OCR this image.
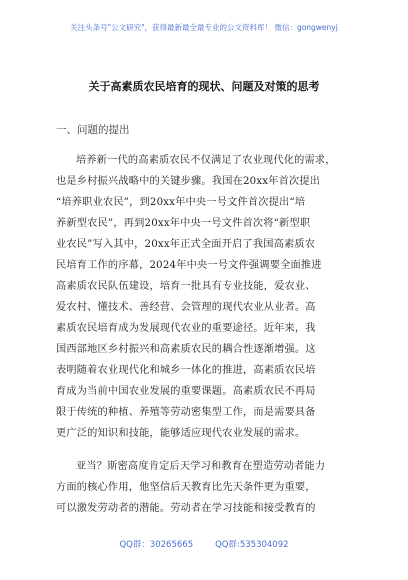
关注头条号"公文研究"，获得最新最全最专业的公文资料库！ 微信：gongwenyj
关于高素质农民培育的现状、问题及对策的思考
一、问题的提出
培养新一代的高素质农民不仅满足了农业现代化的需求，
也是乡村振兴战略中的关键步骤。我国在20xx年首次提出
“培养职业农民”，到20xx年中央一号文件首次提出“培
养新型农民”，再到20xx年中央一号文件首次将“新型职
业农民”写入其中，20xx年正式全面开启了我国高素质农
民培育工作的序幕，2024年中央一号文件强调要全面推进
高素质农民队伍建设，培育一批具有专业技能，爱农业、
爱农村、懂技术、善经营、会管理的现代农业从业者。高
素质农民培育成为发展现代农业的重要途径。近年来，我
国西部地区乡村振兴和高素质农民的耦合性逐渐增强。这
表明随着农业现代化和城乡一体化的推进，高素质农民培
育成为当前中国农业发展的重要课题。高素质农民不再局
限于传统的种植、养殖等劳动密集型工作，而是需要具备
更广泛的知识和技能，能够适应现代农业发展的需求。
亚当？斯密高度肯定后天学习和教育在塑造劳动者能力
方面的核心作用，他坚信后天教育比先天条件更为重要，
可以激发劳动者的潜能。劳动者在学习技能和接受教育的
QQ群：30265665	QQ群:535304092
